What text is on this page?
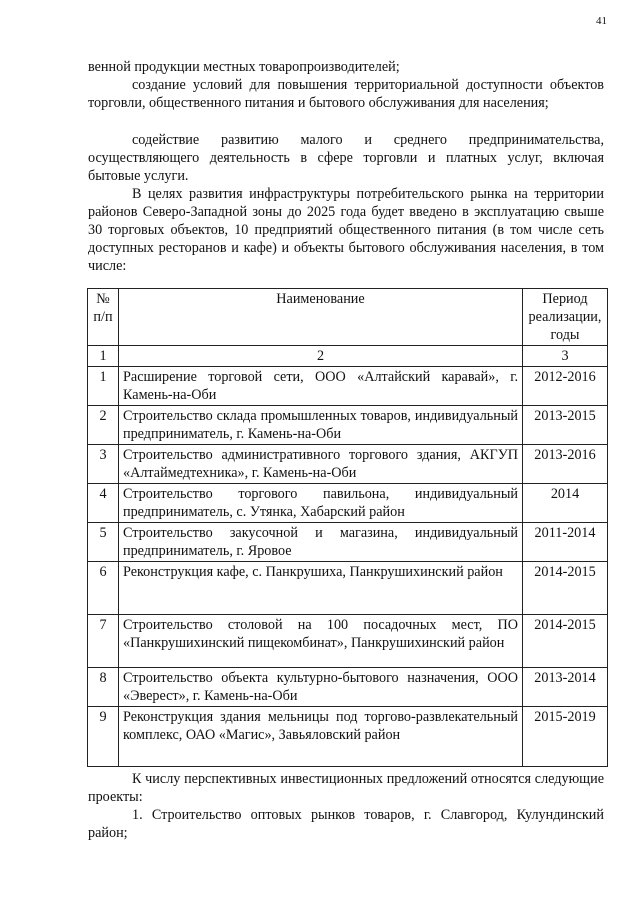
41
венной продукции местных товаропроизводителей;
создание условий для повышения территориальной доступности объектов торговли, общественного питания и бытового обслуживания для населения;
содействие развитию малого и среднего предпринимательства, осуществляющего деятельность в сфере торговли и платных услуг, включая бытовые услуги.
В целях развития инфраструктуры потребительского рынка на территории районов Северо-Западной зоны до 2025 года будет введено в эксплуатацию свыше 30 торговых объектов, 10 предприятий общественного питания (в том числе сеть доступных ресторанов и кафе) и объекты бытового обслуживания населения, в том числе:
№ п/п	Наименование	Период реализации, годы
1	2	3
1	Расширение торговой сети, ООО «Алтайский каравай», г. Камень-на-Оби	2012-2016
2	Строительство склада промышленных товаров, индивидуальный предприниматель, г. Камень-на-Оби	2013-2015
3	Строительство административного торгового здания, АКГУП «Алтаймедтехника», г. Камень-на-Оби	2013-2016
4	Строительство торгового павильона, индивидуальный предприниматель, с. Утянка, Хабарский район	2014
5	Строительство закусочной и магазина, индивидуальный предприниматель, г. Яровое	2011-2014
6	Реконструкция кафе, с. Панкрушиха, Панкрушихинский район	2014-2015
7	Строительство столовой на 100 посадочных мест, ПО «Панкрушихинский пищекомбинат», Панкрушихинский район	2014-2015
8	Строительство объекта культурно-бытового назначения, ООО «Эверест», г. Камень-на-Оби	2013-2014
9	Реконструкция здания мельницы под торгово-развлекательный комплекс, ОАО «Магис», Завьяловский район	2015-2019
К числу перспективных инвестиционных предложений относятся следующие проекты:
1. Строительство оптовых рынков товаров, г. Славгород, Кулундинский район;
